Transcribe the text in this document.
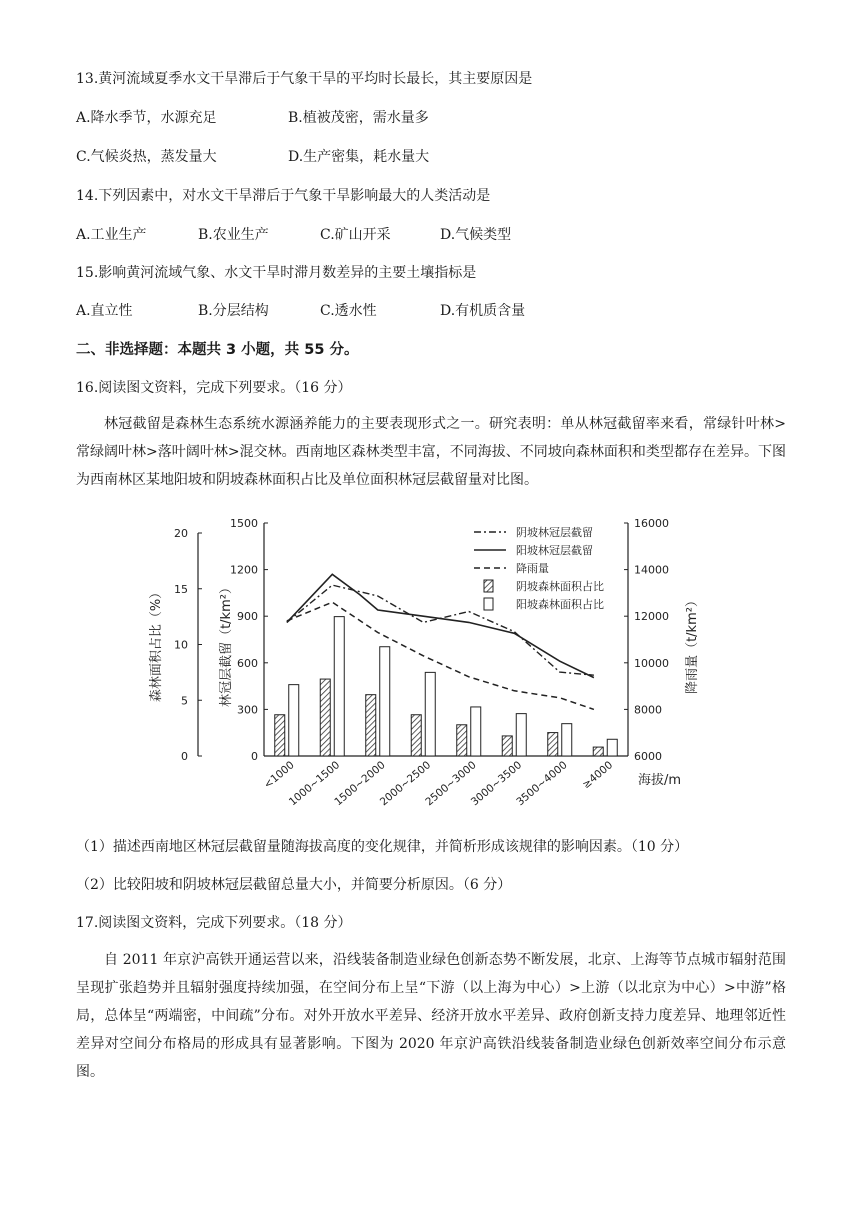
13.黄河流域夏季水文干旱滞后于气象干旱的平均时长最长，其主要原因是
A.降水季节，水源充足	B.植被茂密，需水量多
C.气候炎热，蒸发量大	D.生产密集，耗水量大
14.下列因素中，对水文干旱滞后于气象干旱影响最大的人类活动是
A.工业生产	B.农业生产	C.矿山开采	D.气候类型
15.影响黄河流域气象、水文干旱时滞月数差异的主要土壤指标是
A.直立性	B.分层结构	C.透水性	D.有机质含量
二、非选择题：本题共 3 小题，共 55 分。
16.阅读图文资料，完成下列要求。（16 分）
林冠截留是森林生态系统水源涵养能力的主要表现形式之一。研究表明：单从林冠截留率来看，常绿针叶林>常绿阔叶林>落叶阔叶林>混交林。西南地区森林类型丰富，不同海拔、不同坡向森林面积和类型都存在差异。下图为西南林区某地阳坡和阴坡森林面积占比及单位面积林冠层截留量对比图。
0
5
10
15
20
0
300
600
900
1200
1500
6000
8000
10000
12000
14000
16000
森林面积占比（%）	林冠层截留（t/km²）	降雨量（t/km²）
<1000
1000~1500
1500~2000
2000~2500
2500~3000
3000~3500
3500~4000 ≥4000 海拔/m
阴坡林冠层截留
阳坡林冠层截留
降雨量
阴坡森林面积占比
阳坡森林面积占比
（1）描述西南地区林冠层截留量随海拔高度的变化规律，并简析形成该规律的影响因素。（10 分）
（2）比较阳坡和阴坡林冠层截留总量大小，并简要分析原因。（6 分）
17.阅读图文资料，完成下列要求。（18 分）
自 2011 年京沪高铁开通运营以来，沿线装备制造业绿色创新态势不断发展，北京、上海等节点城市辐射范围呈现扩张趋势并且辐射强度持续加强，在空间分布上呈“下游（以上海为中心）>上游（以北京为中心）>中游”格局，总体呈“两端密，中间疏”分布。对外开放水平差异、经济开放水平差异、政府创新支持力度差异、地理邻近性差异对空间分布格局的形成具有显著影响。下图为 2020 年京沪高铁沿线装备制造业绿色创新效率空间分布示意图。
